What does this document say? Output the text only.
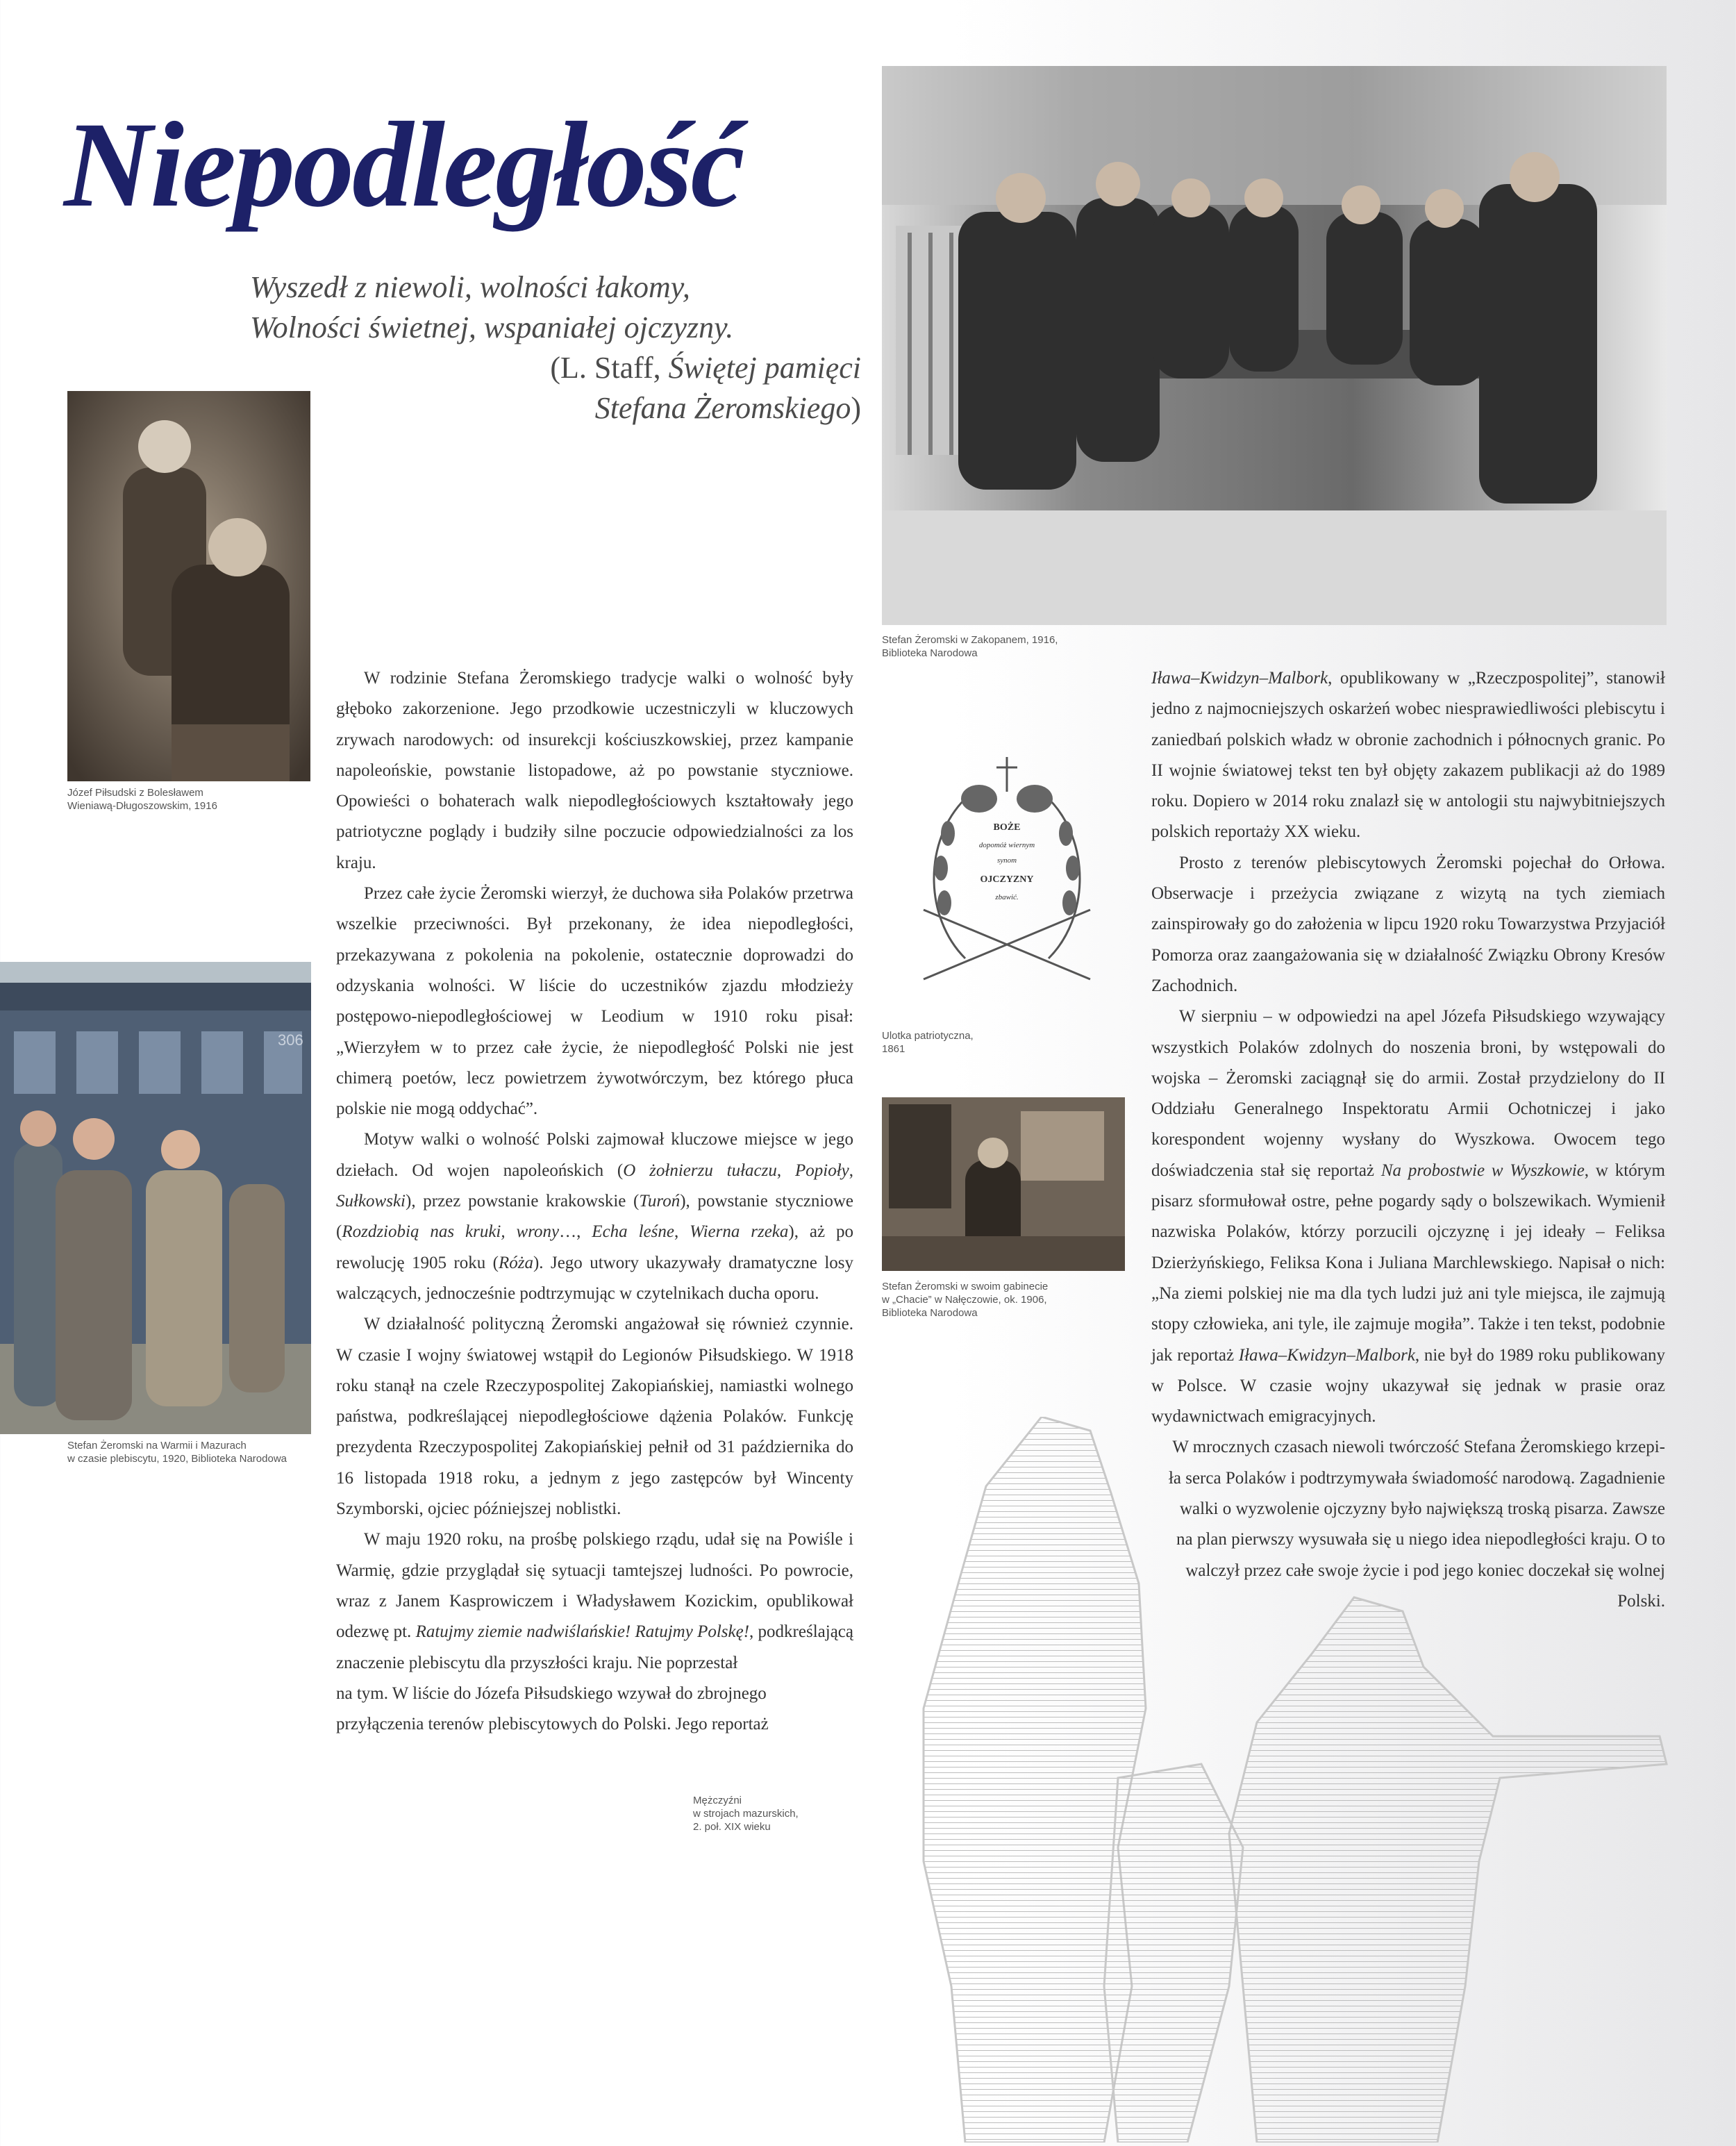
Niepodległość
Wyszedł z niewoli, wolności łakomy,
Wolności świetnej, wspaniałej ojczyzny.
(L. Staff, Świętej pamięci
Stefana Żeromskiego)
Stefan Żeromski w Zakopanem, 1916,
Biblioteka Narodowa
Józef Piłsudski z Bolesławem
Wieniawą-Długoszowskim, 1916
306
Stefan Żeromski na Warmii i Mazurach
w czasie plebiscytu, 1920, Biblioteka Narodowa
BOŻE
dopomóż wiernym
synom
OJCZYZNY
zbawić.
Ulotka patriotyczna,
1861
Stefan Żeromski w swoim gabinecie
w „Chacie” w Nałęczowie, ok. 1906,
Biblioteka Narodowa
Mężczyźni
w strojach mazurskich,
2. poł. XIX wieku

W rodzinie Stefana Żeromskiego tradycje walki o wolność były głęboko zakorzenione. Jego przodkowie uczestniczyli w kluczowych zrywach narodowych: od insurekcji kościuszkowskiej, przez kampanie napoleońskie, powstanie listopadowe, aż po powstanie styczniowe. Opowieści o bohaterach walk niepodległościowych kształtowały jego patriotyczne poglądy i budziły silne poczucie odpowiedzialności za los kraju.

Przez całe życie Żeromski wierzył, że duchowa siła Polaków przetrwa wszelkie przeciwności. Był przekonany, że idea niepodległości, przekazywana z pokolenia na pokolenie, ostatecznie doprowadzi do odzyskania wolności. W liście do uczestników zjazdu młodzieży postępowo-niepodległościowej w Leodium w 1910 roku pisał: „Wierzyłem w to przez całe życie, że niepodległość Polski nie jest chimerą poetów, lecz powietrzem żywotwórczym, bez którego płuca polskie nie mogą oddychać”.

Motyw walki o wolność Polski zajmował kluczowe miejsce w jego dziełach. Od wojen napoleońskich (O żołnierzu tułaczu, Popioły, Sułkowski), przez powstanie krakowskie (Turoń), powstanie styczniowe (Rozdziobią nas kruki, wrony…, Echa leśne, Wierna rzeka), aż po rewolucję 1905 roku (Róża). Jego utwory ukazywały dramatyczne losy walczących, jednocześnie podtrzymując w czytelnikach ducha oporu.

W działalność polityczną Żeromski angażował się również czynnie. W czasie I wojny światowej wstąpił do Legionów Piłsudskiego. W 1918 roku stanął na czele Rzeczypospolitej Zakopiańskiej, namiastki wolnego państwa, podkreślającej niepodległościowe dążenia Polaków. Funkcję prezydenta Rzeczypospolitej Zakopiańskiej pełnił od 31 października do 16 listopada 1918 roku, a jednym z jego zastępców był Wincenty Szymborski, ojciec późniejszej noblistki.

W maju 1920 roku, na prośbę polskiego rządu, udał się na Powiśle i Warmię, gdzie przyglądał się sytuacji tamtejszej ludności. Po powrocie, wraz z Janem Kasprowiczem i Władysławem Kozickim, opublikował odezwę pt. Ratujmy ziemie nadwiślańskie! Ratujmy Polskę!, podkreślającą znaczenie plebiscytu dla przyszłości kraju. Nie poprzestał

na tym. W liście do Józefa Piłsudskiego wzywał do zbrojnego

przyłączenia terenów plebiscytowych do Polski. Jego reportaż

Iława–Kwidzyn–Malbork, opublikowany w „Rzeczpospolitej”, stanowił jedno z najmocniejszych oskarżeń wobec niesprawiedliwości plebiscytu i zaniedbań polskich władz w obronie zachodnich i północnych granic. Po II wojnie światowej tekst ten był objęty zakazem publikacji aż do 1989 roku. Dopiero w 2014 roku znalazł się w antologii stu najwybitniejszych polskich reportaży XX wieku.

Prosto z terenów plebiscytowych Żeromski pojechał do Orłowa. Obserwacje i przeżycia związane z wizytą na tych ziemiach zainspirowały go do założenia w lipcu 1920 roku Towarzystwa Przyjaciół Pomorza oraz zaangażowania się w działalność Związku Obrony Kresów Zachodnich.

W sierpniu – w odpowiedzi na apel Józefa Piłsudskiego wzywający wszystkich Polaków zdolnych do noszenia broni, by wstępowali do wojska – Żeromski zaciągnął się do armii. Został przydzielony do II Oddziału Generalnego Inspektoratu Armii Ochotniczej i jako korespondent wojenny wysłany do Wyszkowa. Owocem tego doświadczenia stał się reportaż Na probostwie w Wyszkowie, w którym pisarz sformułował ostre, pełne pogardy sądy o bolszewikach. Wymienił nazwiska Polaków, którzy porzucili ojczyznę i jej ideały – Feliksa Dzierżyńskiego, Feliksa Kona i Juliana Marchlewskiego. Napisał o nich: „Na ziemi polskiej nie ma dla tych ludzi już ani tyle miejsca, ile zajmują stopy człowieka, ani tyle, ile zajmuje mogiła”. Także i ten tekst, podobnie jak reportaż Iława–Kwidzyn–Malbork, nie był do 1989 roku publikowany w Polsce. W czasie wojny ukazywał się jednak w prasie oraz wydawnictwach emigracyjnych.

W mrocznych czasach niewoli twórczość Stefana Żeromskiego krzepi-
ła serca Polaków i podtrzymywała świadomość narodową. Zagadnienie
walki o wyzwolenie ojczyzny było największą troską pisarza. Zawsze
na plan pierwszy wysuwała się u niego idea niepodległości kraju. O to
walczył przez całe swoje życie i pod jego koniec doczekał się wolnej Polski.
